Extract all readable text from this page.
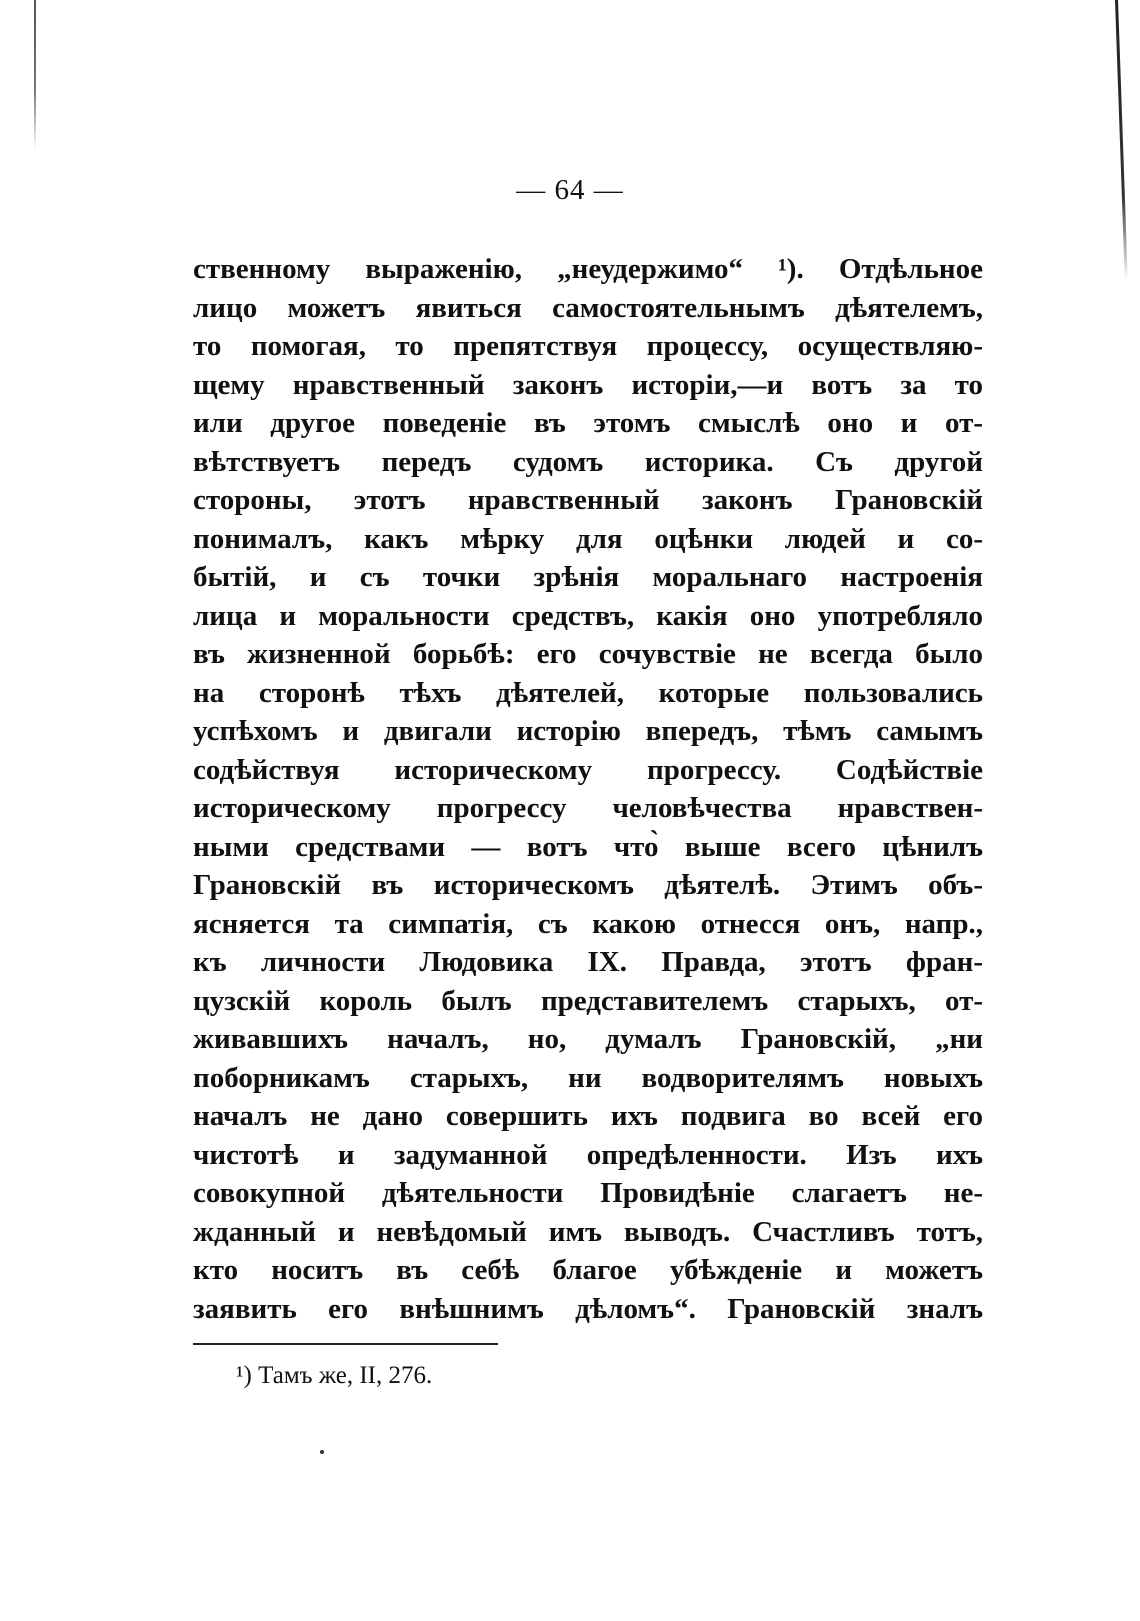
— 64 —
ственному выраженію, „неудержимо“ ¹). Отдѣльное
лицо можетъ явиться самостоятельнымъ дѣятелемъ,
то помогая, то препятствуя процессу, осуществляю-
щему нравственный законъ исторіи,—и вотъ за то
или другое поведеніе въ этомъ смыслѣ оно и от-
вѣтствуетъ передъ судомъ историка. Съ другой
стороны, этотъ нравственный законъ Грановскій
понималъ, какъ мѣрку для оцѣнки людей и со-
бытій, и съ точки зрѣнія моральнаго настроенія
лица и моральности средствъ, какія оно употребляло
въ жизненной борьбѣ: его сочувствіе не всегда было
на сторонѣ тѣхъ дѣятелей, которые пользовались
успѣхомъ и двигали исторію впередъ, тѣмъ самымъ
содѣйствуя историческому прогрессу. Содѣйствіе
историческому прогрессу человѣчества нравствен-
ными средствами — вотъ что̀ выше всего цѣнилъ
Грановскій въ историческомъ дѣятелѣ. Этимъ объ-
ясняется та симпатія, съ какою отнесся онъ, напр.,
къ личности Людовика IX. Правда, этотъ фран-
цузскій король былъ представителемъ старыхъ, от-
живавшихъ началъ, но, думалъ Грановскій, „ни
поборникамъ старыхъ, ни водворителямъ новыхъ
началъ не дано совершить ихъ подвига во всей его
чистотѣ и задуманной опредѣленности. Изъ ихъ
совокупной дѣятельности Провидѣніе слагаетъ не-
жданный и невѣдомый имъ выводъ. Счастливъ тотъ,
кто носитъ въ себѣ благое убѣжденіе и можетъ
заявить его внѣшнимъ дѣломъ“. Грановскій зналъ
¹) Тамъ же, II, 276.
